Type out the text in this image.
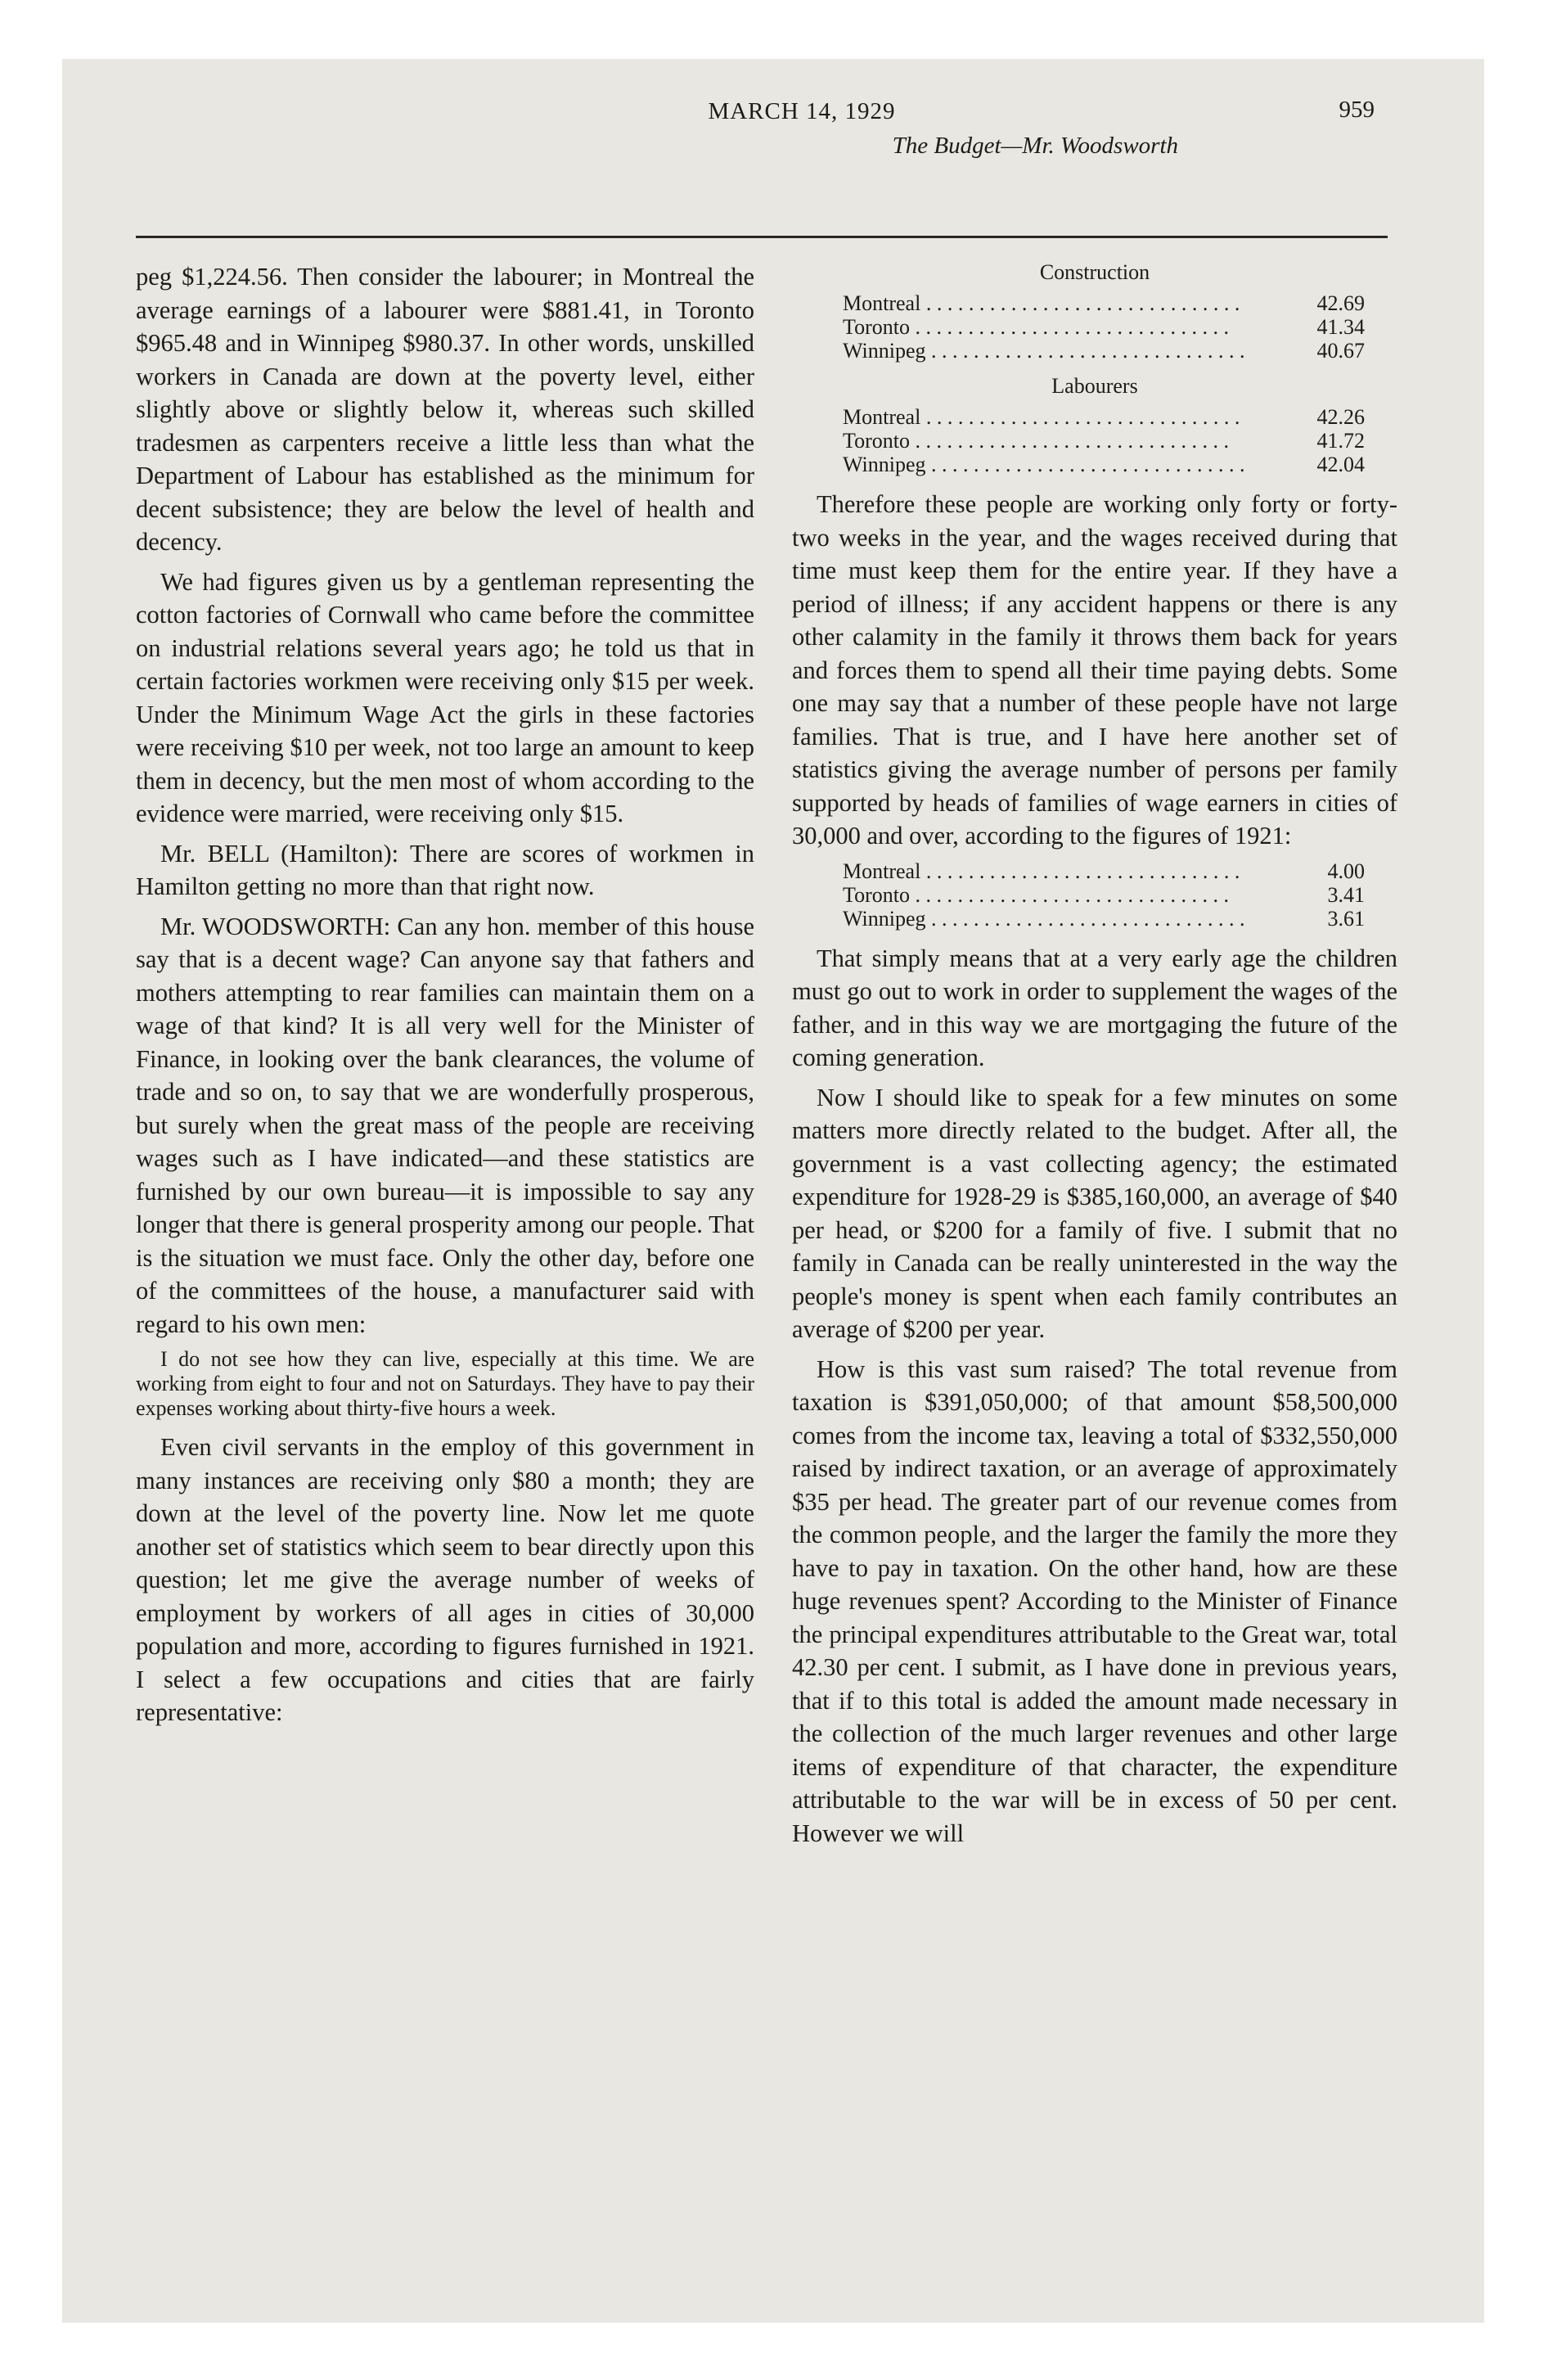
MARCH 14, 1929
The Budget—Mr. Woodsworth
959

peg $1,224.56. Then consider the labourer; in Montreal the average earnings of a labourer were $881.41, in Toronto $965.48 and in Winnipeg $980.37. In other words, unskilled workers in Canada are down at the poverty level, either slightly above or slightly below it, whereas such skilled tradesmen as carpenters receive a little less than what the Department of Labour has established as the minimum for decent subsistence; they are below the level of health and decency.

We had figures given us by a gentleman representing the cotton factories of Cornwall who came before the committee on industrial relations several years ago; he told us that in certain factories workmen were receiving only $15 per week. Under the Minimum Wage Act the girls in these factories were receiving $10 per week, not too large an amount to keep them in decency, but the men most of whom according to the evidence were married, were receiving only $15.

Mr. BELL (Hamilton): There are scores of workmen in Hamilton getting no more than that right now.

Mr. WOODSWORTH: Can any hon. member of this house say that is a decent wage? Can anyone say that fathers and mothers attempting to rear families can maintain them on a wage of that kind? It is all very well for the Minister of Finance, in looking over the bank clearances, the volume of trade and so on, to say that we are wonderfully prosperous, but surely when the great mass of the people are receiving wages such as I have indicated—and these statistics are furnished by our own bureau—it is impossible to say any longer that there is general prosperity among our people. That is the situation we must face. Only the other day, before one of the committees of the house, a manufacturer said with regard to his own men:

I do not see how they can live, especially at this time. We are working from eight to four and not on Saturdays. They have to pay their expenses working about thirty-five hours a week.

Even civil servants in the employ of this government in many instances are receiving only $80 a month; they are down at the level of the poverty line. Now let me quote another set of statistics which seem to bear directly upon this question; let me give the average number of weeks of employment by workers of all ages in cities of 30,000 population and more, according to figures furnished in 1921. I select a few occupations and cities that are fairly representative:

Construction

Montreal . . .	42.69
Toronto . . .	41.34
Winnipeg . . .	40.67

Labourers

Montreal . . .	42.26
Toronto . . .	41.72
Winnipeg . . .	42.04

Therefore these people are working only forty or forty-two weeks in the year, and the wages received during that time must keep them for the entire year. If they have a period of illness; if any accident happens or there is any other calamity in the family it throws them back for years and forces them to spend all their time paying debts. Some one may say that a number of these people have not large families. That is true, and I have here another set of statistics giving the average number of persons per family supported by heads of families of wage earners in cities of 30,000 and over, according to the figures of 1921:

Montreal . . .	4.00
Toronto . . .	3.41
Winnipeg . . .	3.61

That simply means that at a very early age the children must go out to work in order to supplement the wages of the father, and in this way we are mortgaging the future of the coming generation.

Now I should like to speak for a few minutes on some matters more directly related to the budget. After all, the government is a vast collecting agency; the estimated expenditure for 1928-29 is $385,160,000, an average of $40 per head, or $200 for a family of five. I submit that no family in Canada can be really uninterested in the way the people's money is spent when each family contributes an average of $200 per year.

How is this vast sum raised? The total revenue from taxation is $391,050,000; of that amount $58,500,000 comes from the income tax, leaving a total of $332,550,000 raised by indirect taxation, or an average of approximately $35 per head. The greater part of our revenue comes from the common people, and the larger the family the more they have to pay in taxation. On the other hand, how are these huge revenues spent? According to the Minister of Finance the principal expenditures attributable to the Great war, total 42.30 per cent. I submit, as I have done in previous years, that if to this total is added the amount made necessary in the collection of the much larger revenues and other large items of expenditure of that character, the expenditure attributable to the war will be in excess of 50 per cent. However we will
